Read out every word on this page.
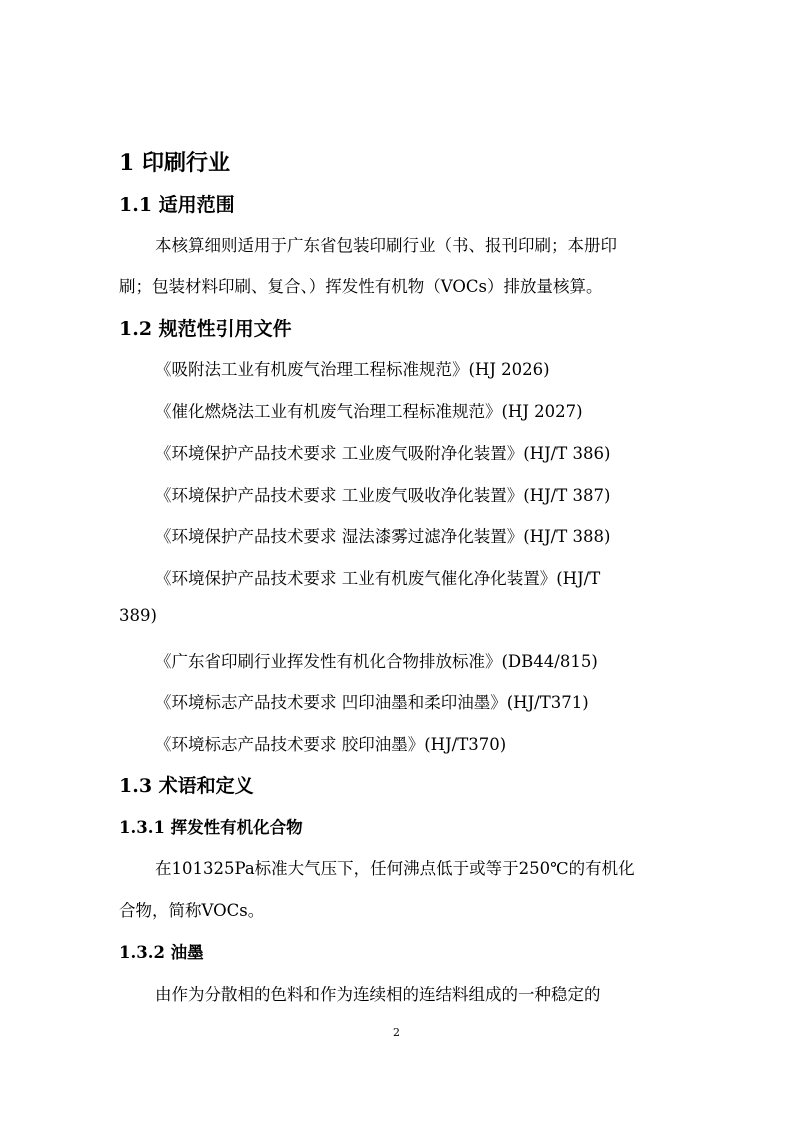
1 印刷行业
1.1 适用范围
本核算细则适用于广东省包装印刷行业（书、报刊印刷；本册印
刷；包装材料印刷、复合、）挥发性有机物（VOCs）排放量核算。
1.2 规范性引用文件
《吸附法工业有机废气治理工程标准规范》(HJ 2026)
《催化燃烧法工业有机废气治理工程标准规范》(HJ 2027)
《环境保护产品技术要求 工业废气吸附净化装置》(HJ/T 386)
《环境保护产品技术要求 工业废气吸收净化装置》(HJ/T 387)
《环境保护产品技术要求 湿法漆雾过滤净化装置》(HJ/T 388)
《环境保护产品技术要求 工业有机废气催化净化装置》(HJ/T
389)
《广东省印刷行业挥发性有机化合物排放标准》(DB44/815)
《环境标志产品技术要求 凹印油墨和柔印油墨》(HJ/T371)
《环境标志产品技术要求 胶印油墨》(HJ/T370)
1.3 术语和定义
1.3.1 挥发性有机化合物
在101325Pa标准大气压下，任何沸点低于或等于250℃的有机化
合物，简称VOCs。
1.3.2 油墨
由作为分散相的色料和作为连续相的连结料组成的一种稳定的
2
